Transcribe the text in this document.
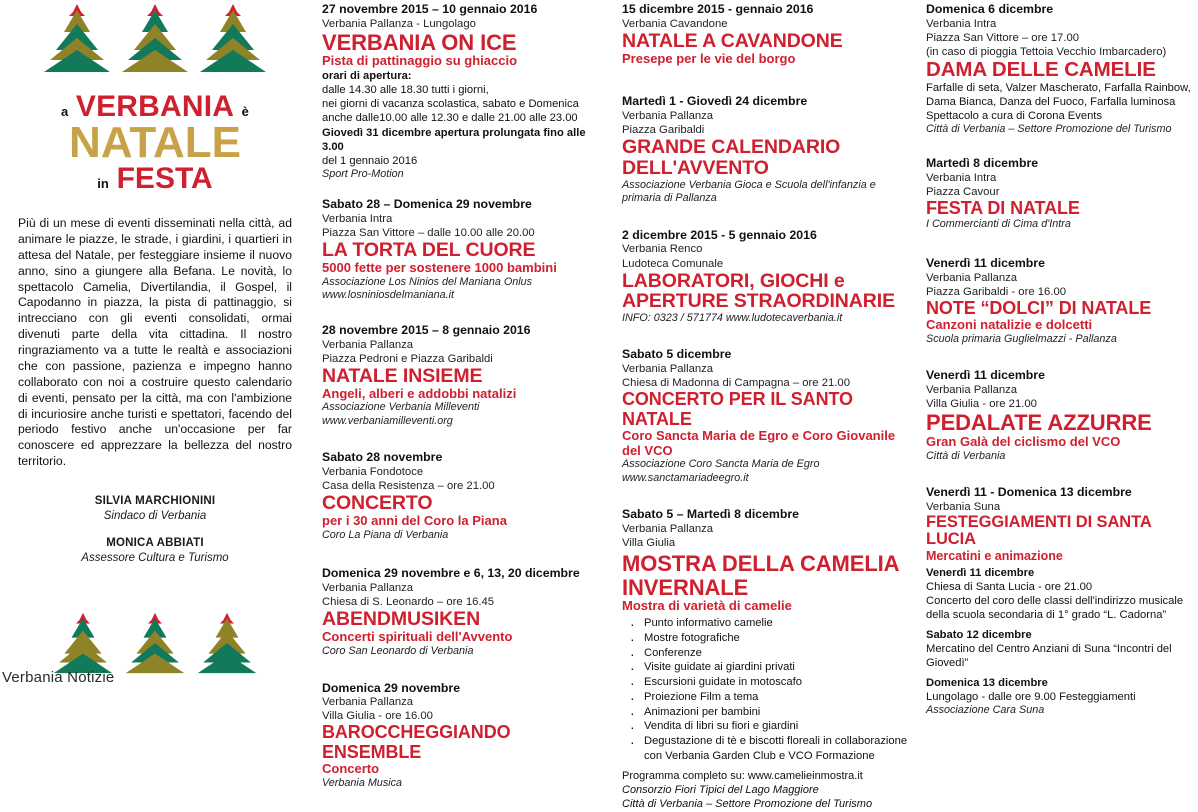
a VERBANIA è
NATALE
in FESTA

Più di un mese di eventi disseminati nella città, ad animare le piazze, le strade, i giardini, i quartieri in attesa del Natale, per festeggiare insieme il nuovo anno, sino a giungere alla Befana. Le novità, lo spettacolo Camelia, Divertilandia, il Gospel, il Capodanno in piazza, la pista di pattinaggio, si intrecciano con gli eventi consolidati, ormai divenuti parte della vita cittadina. Il nostro ringraziamento va a tutte le realtà e associazioni che con passione, pazienza e impegno hanno collaborato con noi a costruire questo calendario di eventi, pensato per la città, ma con l'ambizione di incuriosire anche turisti e spettatori, facendo del periodo festivo anche un'occasione per far conoscere ed apprezzare la bellezza del nostro territorio.

SILVIA MARCHIONINI
Sindaco di Verbania
MONICA ABBIATI
Assessore Cultura e Turismo
27 novembre 2015 – 10 gennaio 2016
Verbania Pallanza - Lungolago
VERBANIA ON ICE
Pista di pattinaggio su ghiaccio
orari di apertura:
dalle 14.30 alle 18.30 tutti i giorni,
nei giorni di vacanza scolastica, sabato e Domenica
anche dalle10.00 alle 12.30 e dalle 21.00 alle 23.00
Giovedì 31 dicembre apertura prolungata fino alle 3.00
del 1 gennaio 2016
Sport Pro-Motion
Sabato 28 – Domenica 29 novembre
Verbania Intra
Piazza San Vittore – dalle 10.00 alle 20.00
LA TORTA DEL CUORE
5000 fette per sostenere 1000 bambini
Associazione Los Ninios del Maniana Onlus
www.losniniosdelmaniana.it
28 novembre 2015 – 8 gennaio 2016
Verbania Pallanza
Piazza Pedroni e Piazza Garibaldi
NATALE INSIEME
Angeli, alberi e addobbi natalizi
Associazione Verbania Milleventi
www.verbaniamilleventi.org
Sabato 28 novembre
Verbania Fondotoce
Casa della Resistenza – ore 21.00
CONCERTO
per i 30 anni del Coro la Piana
Coro La Piana di Verbania
Domenica 29 novembre e 6, 13, 20 dicembre
Verbania Pallanza
Chiesa di S. Leonardo – ore 16.45
ABENDMUSIKEN
Concerti spirituali dell'Avvento
Coro San Leonardo di Verbania
Domenica 29 novembre
Verbania Pallanza
Villa Giulia - ore 16.00
BAROCCHEGGIANDO ENSEMBLE
Concerto
Verbania Musica
15 dicembre 2015 - gennaio 2016
Verbania Cavandone
NATALE A CAVANDONE
Presepe per le vie del borgo
Martedì 1 - Giovedì 24 dicembre
Verbania Pallanza
Piazza Garibaldi
GRANDE CALENDARIO DELL'AVVENTO
Associazione Verbania Gioca e Scuola dell'infanzia e primaria di Pallanza
2 dicembre 2015 - 5 gennaio 2016
Verbania Renco
Ludoteca Comunale
LABORATORI, GIOCHI e APERTURE STRAORDINARIE
INFO: 0323 / 571774 www.ludotecaverbania.it
Sabato 5 dicembre
Verbania Pallanza
Chiesa di Madonna di Campagna – ore 21.00
CONCERTO PER IL SANTO NATALE
Coro Sancta Maria de Egro e Coro Giovanile del VCO
Associazione Coro Sancta Maria de Egro
www.sanctamariadeegro.it
Sabato 5 – Martedì 8 dicembre
Verbania Pallanza
Villa Giulia
MOSTRA DELLA CAMELIA INVERNALE
Mostra di varietà di camelie
· Punto informativo camelie
· Mostre fotografiche
· Conferenze
· Visite guidate ai giardini privati
· Escursioni guidate in motoscafo
· Proiezione Film a tema
· Animazioni per bambini
· Vendita di libri su fiori e giardini
· Degustazione di tè e biscotti floreali in collaborazione con Verbania Garden Club e VCO Formazione
Programma completo su: www.camelieinmostra.it
Consorzio Fiori Tipici del Lago Maggiore
Città di Verbania – Settore Promozione del Turismo
Domenica 6 dicembre
Verbania Intra
Piazza San Vittore – ore 17.00
(in caso di pioggia Tettoia Vecchio Imbarcadero)
DAMA DELLE CAMELIE
Farfalle di seta, Valzer Mascherato, Farfalla Rainbow,
Dama Bianca, Danza del Fuoco, Farfalla luminosa
Spettacolo a cura di Corona Events
Città di Verbania – Settore Promozione del Turismo
Martedì 8 dicembre
Verbania Intra
Piazza Cavour
FESTA DI NATALE
I Commercianti di Cima d'Intra
Venerdì 11 dicembre
Verbania Pallanza
Piazza Garibaldi - ore 16.00
NOTE “DOLCI” DI NATALE
Canzoni natalizie e dolcetti
Scuola primaria Guglielmazzi - Pallanza
Venerdì 11 dicembre
Verbania Pallanza
Villa Giulia - ore 21.00
PEDALATE AZZURRE
Gran Galà del ciclismo del VCO
Città di Verbania
Venerdì 11 - Domenica 13 dicembre
Verbania Suna
FESTEGGIAMENTI DI SANTA LUCIA
Mercatini e animazione
Venerdì 11 dicembre
Chiesa di Santa Lucia - ore 21.00
Concerto del coro delle classi dell'indirizzo musicale
della scuola secondaria di 1° grado “L. Cadorna”
Sabato 12 dicembre
Mercatino del Centro Anziani di Suna “Incontri del Giovedì”
Domenica 13 dicembre
Lungolago - dalle ore 9.00 Festeggiamenti
Associazione Cara Suna
Verbania Notizie
